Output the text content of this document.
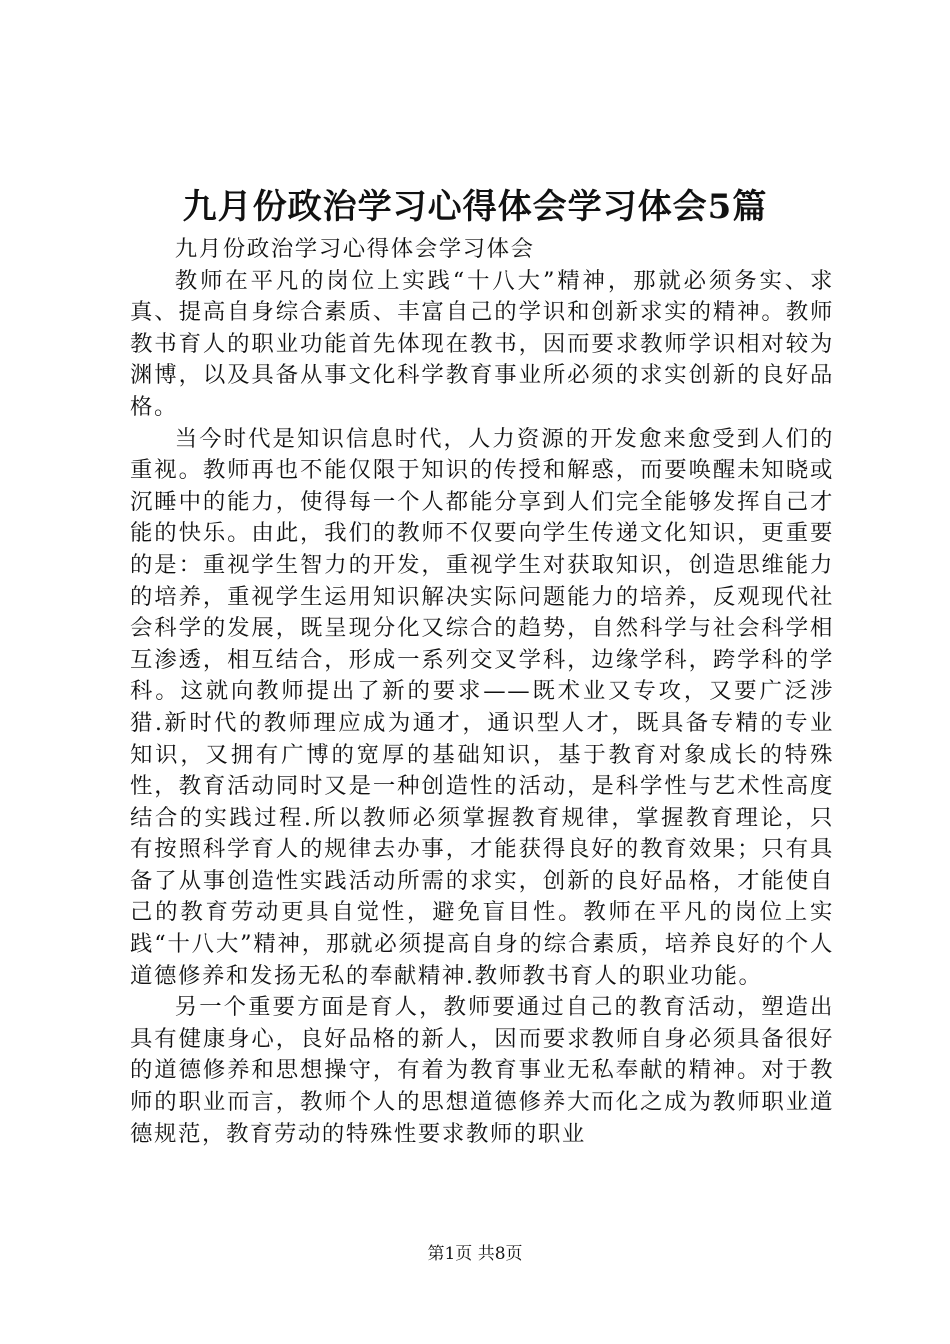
九月份政治学习心得体会学习体会5篇

九月份政治学习心得体会学习体会

教师在平凡的岗位上实践“十八大”精神，那就必须务实、求真、提高自身综合素质、丰富自己的学识和创新求实的精神。教师教书育人的职业功能首先体现在教书，因而要求教师学识相对较为渊博，以及具备从事文化科学教育事业所必须的求实创新的良好品格。

当今时代是知识信息时代，人力资源的开发愈来愈受到人们的重视。教师再也不能仅限于知识的传授和解惑，而要唤醒未知晓或沉睡中的能力，使得每一个人都能分享到人们完全能够发挥自己才能的快乐。由此，我们的教师不仅要向学生传递文化知识，更重要的是：重视学生智力的开发，重视学生对获取知识，创造思维能力的培养，重视学生运用知识解决实际问题能力的培养，反观现代社会科学的发展，既呈现分化又综合的趋势，自然科学与社会科学相互渗透，相互结合，形成一系列交叉学科，边缘学科，跨学科的学科。这就向教师提出了新的要求——既术业又专攻，又要广泛涉猎.新时代的教师理应成为通才，通识型人才，既具备专精的专业知识，又拥有广博的宽厚的基础知识，基于教育对象成长的特殊性，教育活动同时又是一种创造性的活动，是科学性与艺术性高度结合的实践过程.所以教师必须掌握教育规律，掌握教育理论，只有按照科学育人的规律去办事，才能获得良好的教育效果；只有具备了从事创造性实践活动所需的求实，创新的良好品格，才能使自己的教育劳动更具自觉性，避免盲目性。教师在平凡的岗位上实践“十八大”精神，那就必须提高自身的综合素质，培养良好的个人道德修养和发扬无私的奉献精神.教师教书育人的职业功能。

另一个重要方面是育人，教师要通过自己的教育活动，塑造出具有健康身心，良好品格的新人，因而要求教师自身必须具备很好的道德修养和思想操守，有着为教育事业无私奉献的精神。对于教师的职业而言，教师个人的思想道德修养大而化之成为教师职业道德规范，教育劳动的特殊性要求教师的职业

第1页 共8页
